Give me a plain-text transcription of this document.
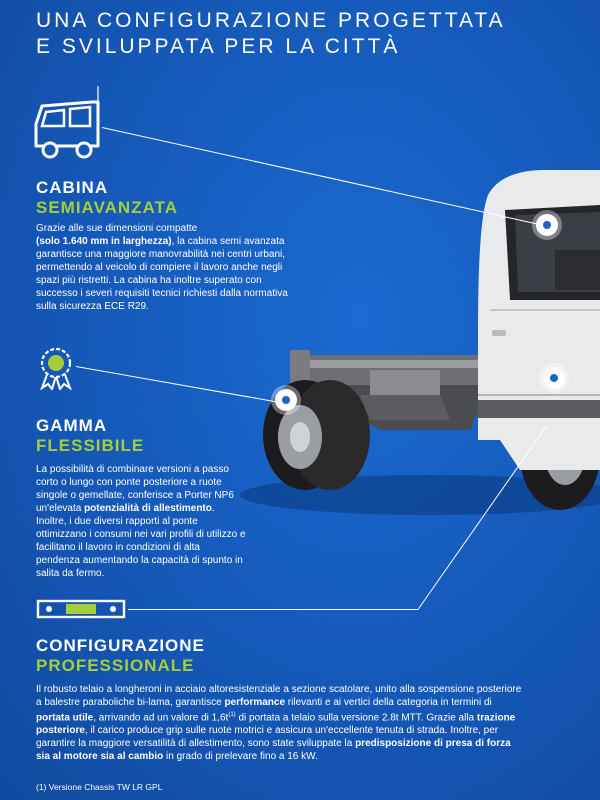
UNA CONFIGURAZIONE PROGETTATA
E SVILUPPATA PER LA CITTÀ
CABINA
SEMIAVANZATA

Grazie alle sue dimensioni compatte
(solo 1.640 mm in larghezza), la cabina semi avanzata garantisce una maggiore manovrabilità nei centri urbani, permettendo al veicolo di compiere il lavoro anche negli spazi più ristretti. La cabina ha inoltre superato con successo i severi requisiti tecnici richiesti dalla normativa sulla sicurezza ECE R29.

GAMMA
FLESSIBILE

La possibilità di combinare versioni a passo corto o lungo con ponte posteriore a ruote singole o gemellate, conferisce a Porter NP6 un'elevata potenzialità di allestimento. Inoltre, i due diversi rapporti al ponte ottimizzano i consumi nei vari profili di utilizzo e facilitano il lavoro in condizioni di alta pendenza aumentando la capacità di spunto in salita da fermo.

CONFIGURAZIONE
PROFESSIONALE

Il robusto telaio a longheroni in acciaio altoresistenziale a sezione scatolare, unito alla sospensione posteriore a balestre paraboliche bi-lama, garantisce performance rilevanti e ai vertici della categoria in termini di portata utile, arrivando ad un valore di $1,6t^{(1)}$ di portata a telaio sulla versione 2.8t MTT. Grazie alla trazione posteriore, il carico produce grip sulle ruote motrici e assicura un'eccellente tenuta di strada. Inoltre, per garantire la maggiore versatilità di allestimento, sono state sviluppate la predisposizione di presa di forza sia al motore sia al cambio in grado di prelevare fino a 16 kW.

(1) Versione Chassis TW LR GPL
